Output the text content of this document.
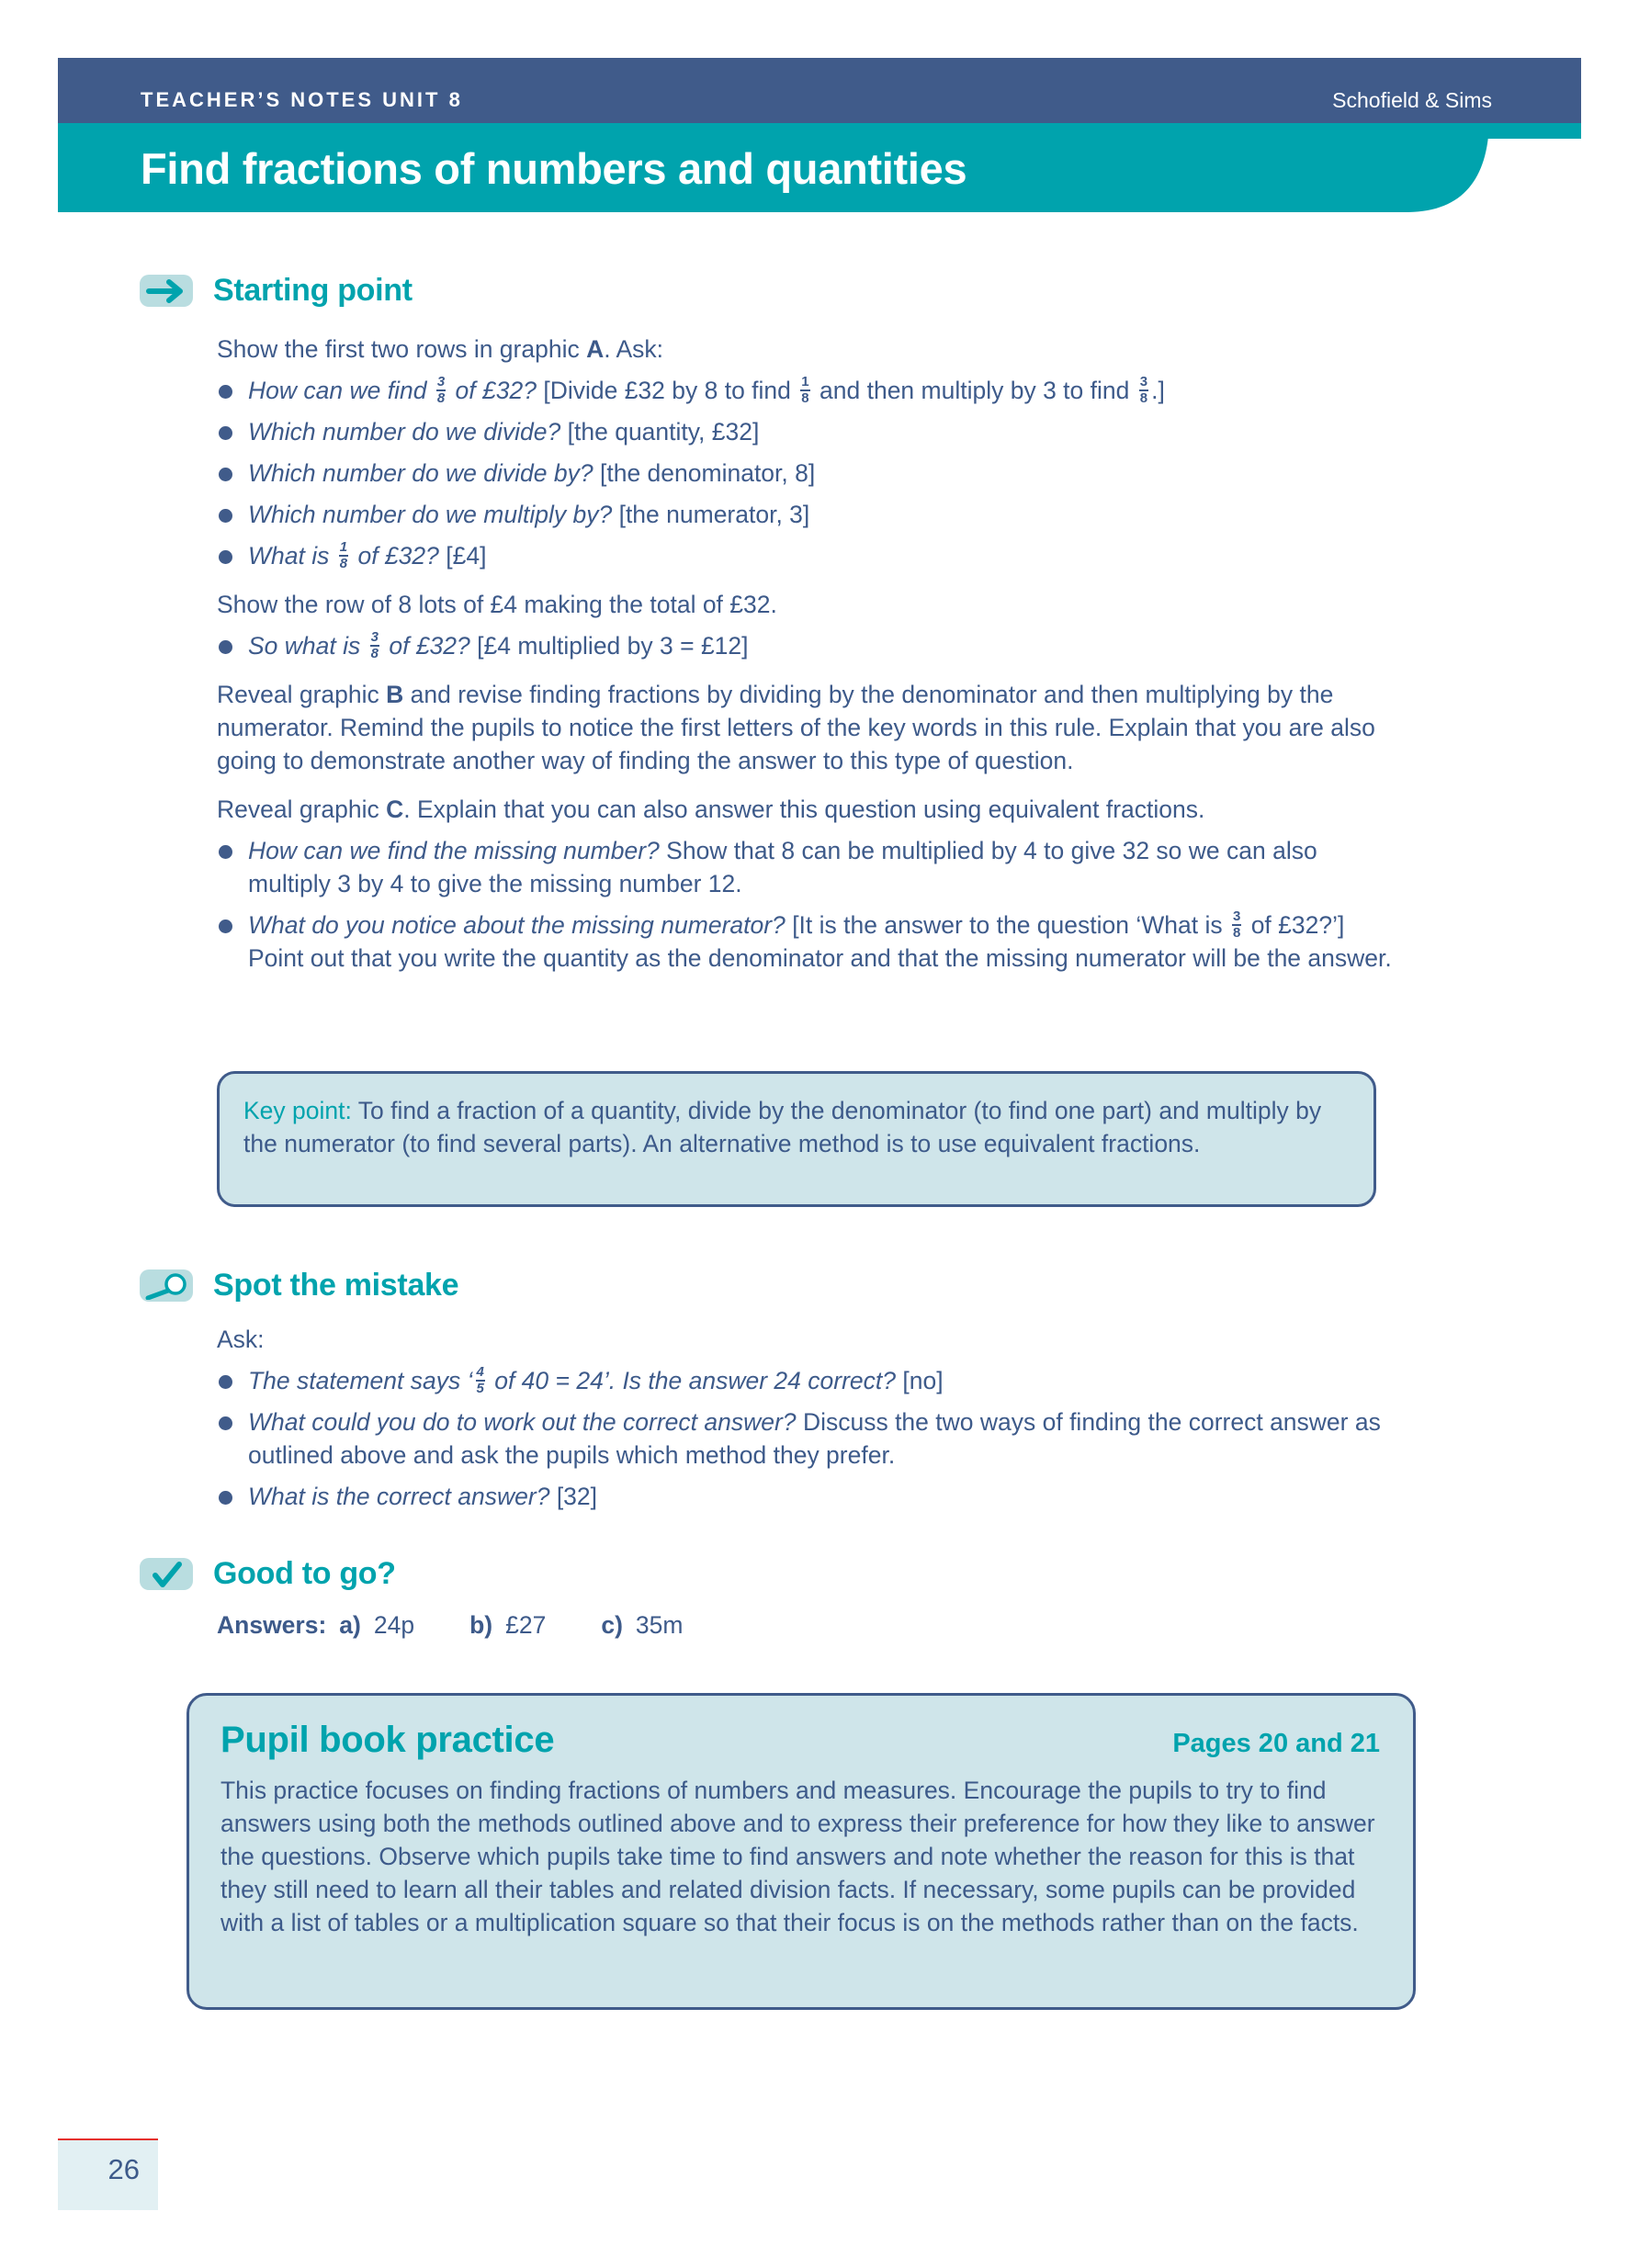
TEACHER’S NOTES UNIT 8	Schofield & Sims
Find fractions of numbers and quantities
Starting point

Show the first two rows in graphic A. Ask:

How can we find $\frac{3}{8}$ of £32? [Divide £32 by 8 to find $\frac{1}{8}$ and then multiply by 3 to find $\frac{3}{8}$ .]

Which number do we divide? [the quantity, £32]

Which number do we divide by? [the denominator, 8]

Which number do we multiply by? [the numerator, 3]

What is $\frac{1}{8}$ of £32? [£4]

Show the row of 8 lots of £4 making the total of £32.

So what is $\frac{3}{8}$ of £32? [£4 multiplied by 3 = £12]

Reveal graphic B and revise finding fractions by dividing by the denominator and then multiplying by the numerator. Remind the pupils to notice the first letters of the key words in this rule. Explain that you are also going to demonstrate another way of finding the answer to this type of question.

Reveal graphic C. Explain that you can also answer this question using equivalent fractions.

How can we find the missing number? Show that 8 can be multiplied by 4 to give 32 so we can also multiply 3 by 4 to give the missing number 12.

What do you notice about the missing numerator? [It is the answer to the question ‘What is $\frac{3}{8}$ of £32?’] Point out that you write the quantity as the denominator and that the missing numerator will be the answer.

Key point: To find a fraction of a quantity, divide by the denominator (to find one part) and multiply by the numerator (to find several parts). An alternative method is to use equivalent fractions.
Spot the mistake

Ask:

The statement says ‘ $\frac{4}{5}$ of 40 = 24’. Is the answer 24 correct? [no]

What could you do to work out the correct answer? Discuss the two ways of finding the correct answer as outlined above and ask the pupils which method they prefer.

What is the correct answer? [32]

Good to go?
Answers: a) 24p b) £27 c) 35m
Pupil book practice	Pages 20 and 21

This practice focuses on finding fractions of numbers and measures. Encourage the pupils to try to find answers using both the methods outlined above and to express their preference for how they like to answer the questions. Observe which pupils take time to find answers and note whether the reason for this is that they still need to learn all their tables and related division facts. If necessary, some pupils can be provided with a list of tables or a multiplication square so that their focus is on the methods rather than on the facts.

26
